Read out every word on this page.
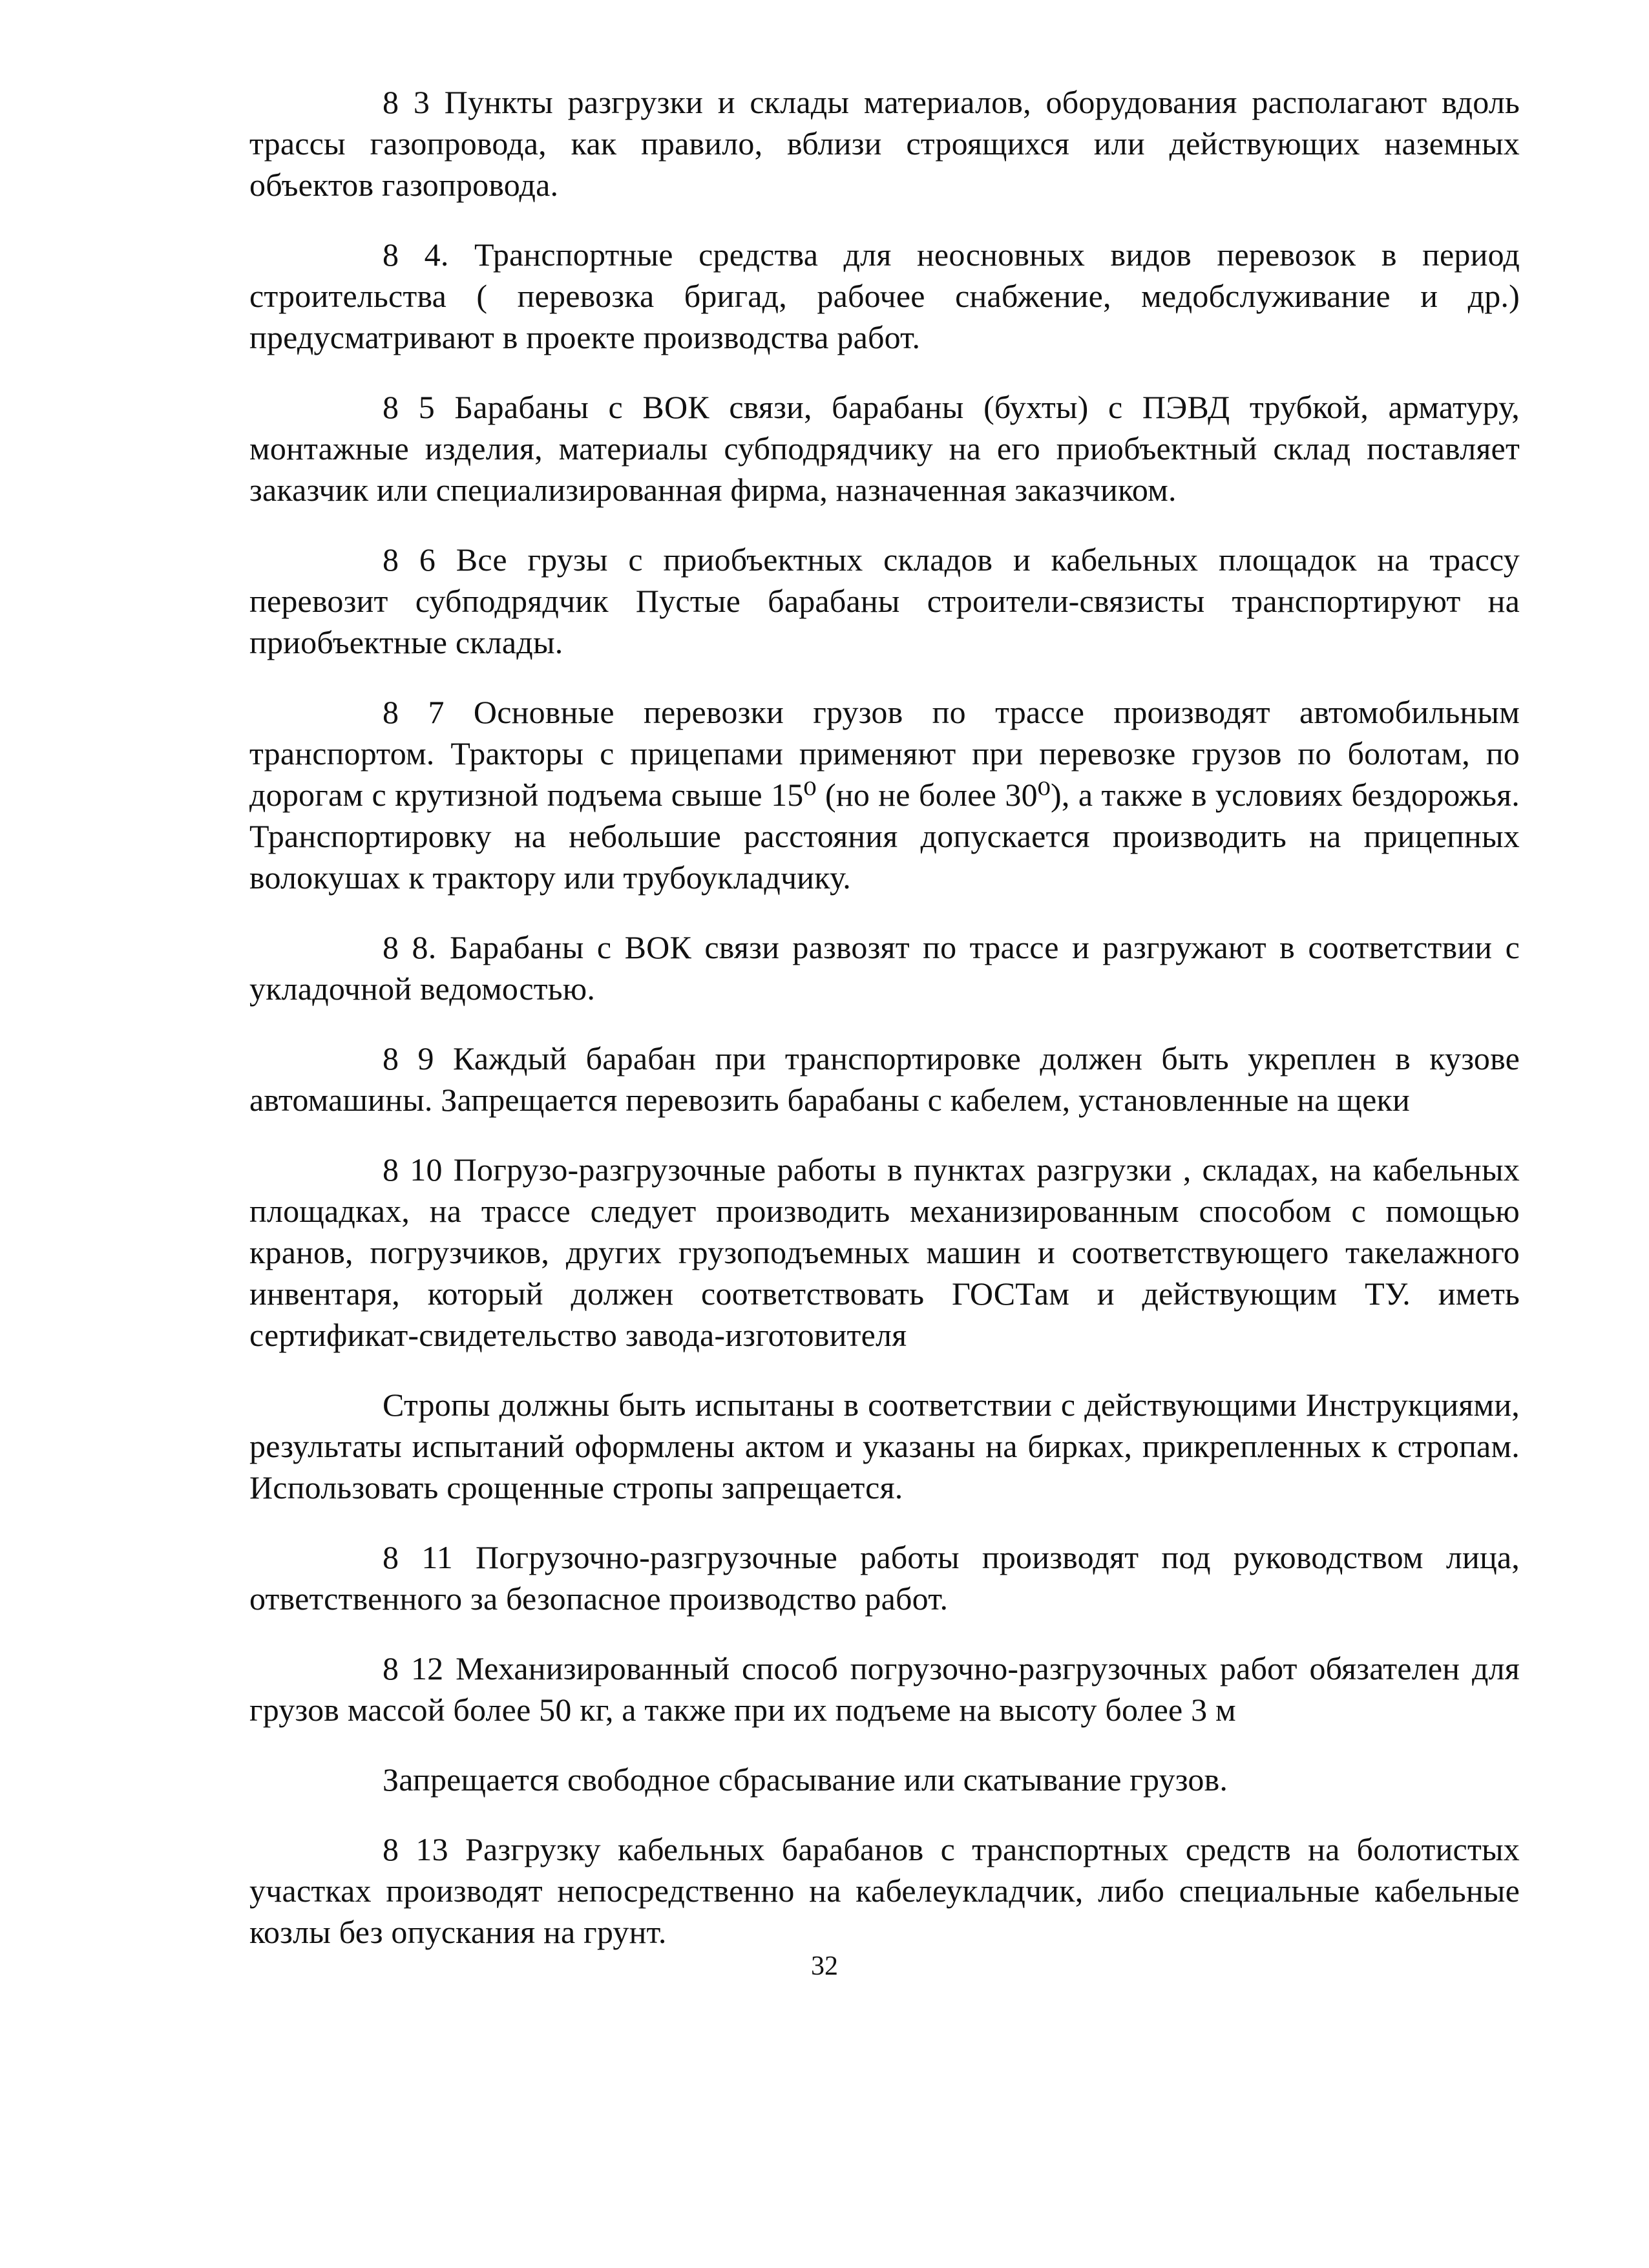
8 3 Пункты разгрузки и склады материалов, оборудования располагают вдоль трассы газопровода, как правило, вблизи строящихся или действующих наземных объектов газопровода.

8 4. Транспортные средства для неосновных видов перевозок в период строительства ( перевозка бригад, рабочее снабжение, медобслуживание и др.) предусматривают в проекте производства работ.

8 5 Барабаны с ВОК связи, барабаны (бухты) с ПЭВД трубкой, арматуру, монтажные изделия, материалы субподрядчику на его приобъектный склад поставляет заказчик или специализированная фирма, назначенная заказчиком.

8 6 Все грузы с приобъектных складов и кабельных площадок на трассу перевозит субподрядчик Пустые барабаны строители-связисты транспортируют на приобъектные склады.

8 7 Основные перевозки грузов по трассе производят автомобильным транспортом. Тракторы с прицепами применяют при перевозке грузов по болотам, по дорогам с крутизной подъема свыше 15⁰ (но не более 30⁰), а также в условиях бездорожья. Транспортировку на небольшие расстояния допускается производить на прицепных волокушах к трактору или трубоукладчику.

8 8. Барабаны с ВОК связи развозят по трассе и разгружают в соответствии с укладочной ведомостью.

8 9 Каждый барабан при транспортировке должен быть укреплен в кузове автомашины. Запрещается перевозить барабаны с кабелем, установленные на щеки

8 10 Погрузо-разгрузочные работы в пунктах разгрузки , складах, на кабельных площадках, на трассе следует производить механизированным способом с помощью кранов, погрузчиков, других грузоподъемных машин и соответствующего такелажного инвентаря, который должен соответствовать ГОСТам и действующим ТУ. иметь сертификат-свидетельство завода-изготовителя

Стропы должны быть испытаны в соответствии с действующими Инструкциями, результаты испытаний оформлены актом и указаны на бирках, прикрепленных к стропам. Использовать срощенные стропы запрещается.

8 11 Погрузочно-разгрузочные работы производят под руководством лица, ответственного за безопасное производство работ.

8 12 Механизированный способ погрузочно-разгрузочных работ обязателен для грузов массой более 50 кг, а также при их подъеме на высоту более 3 м

Запрещается свободное сбрасывание или скатывание грузов.

8 13 Разгрузку кабельных барабанов с транспортных средств на болотистых участках производят непосредственно на кабелеукладчик, либо специальные кабельные козлы без опускания на грунт.

32
